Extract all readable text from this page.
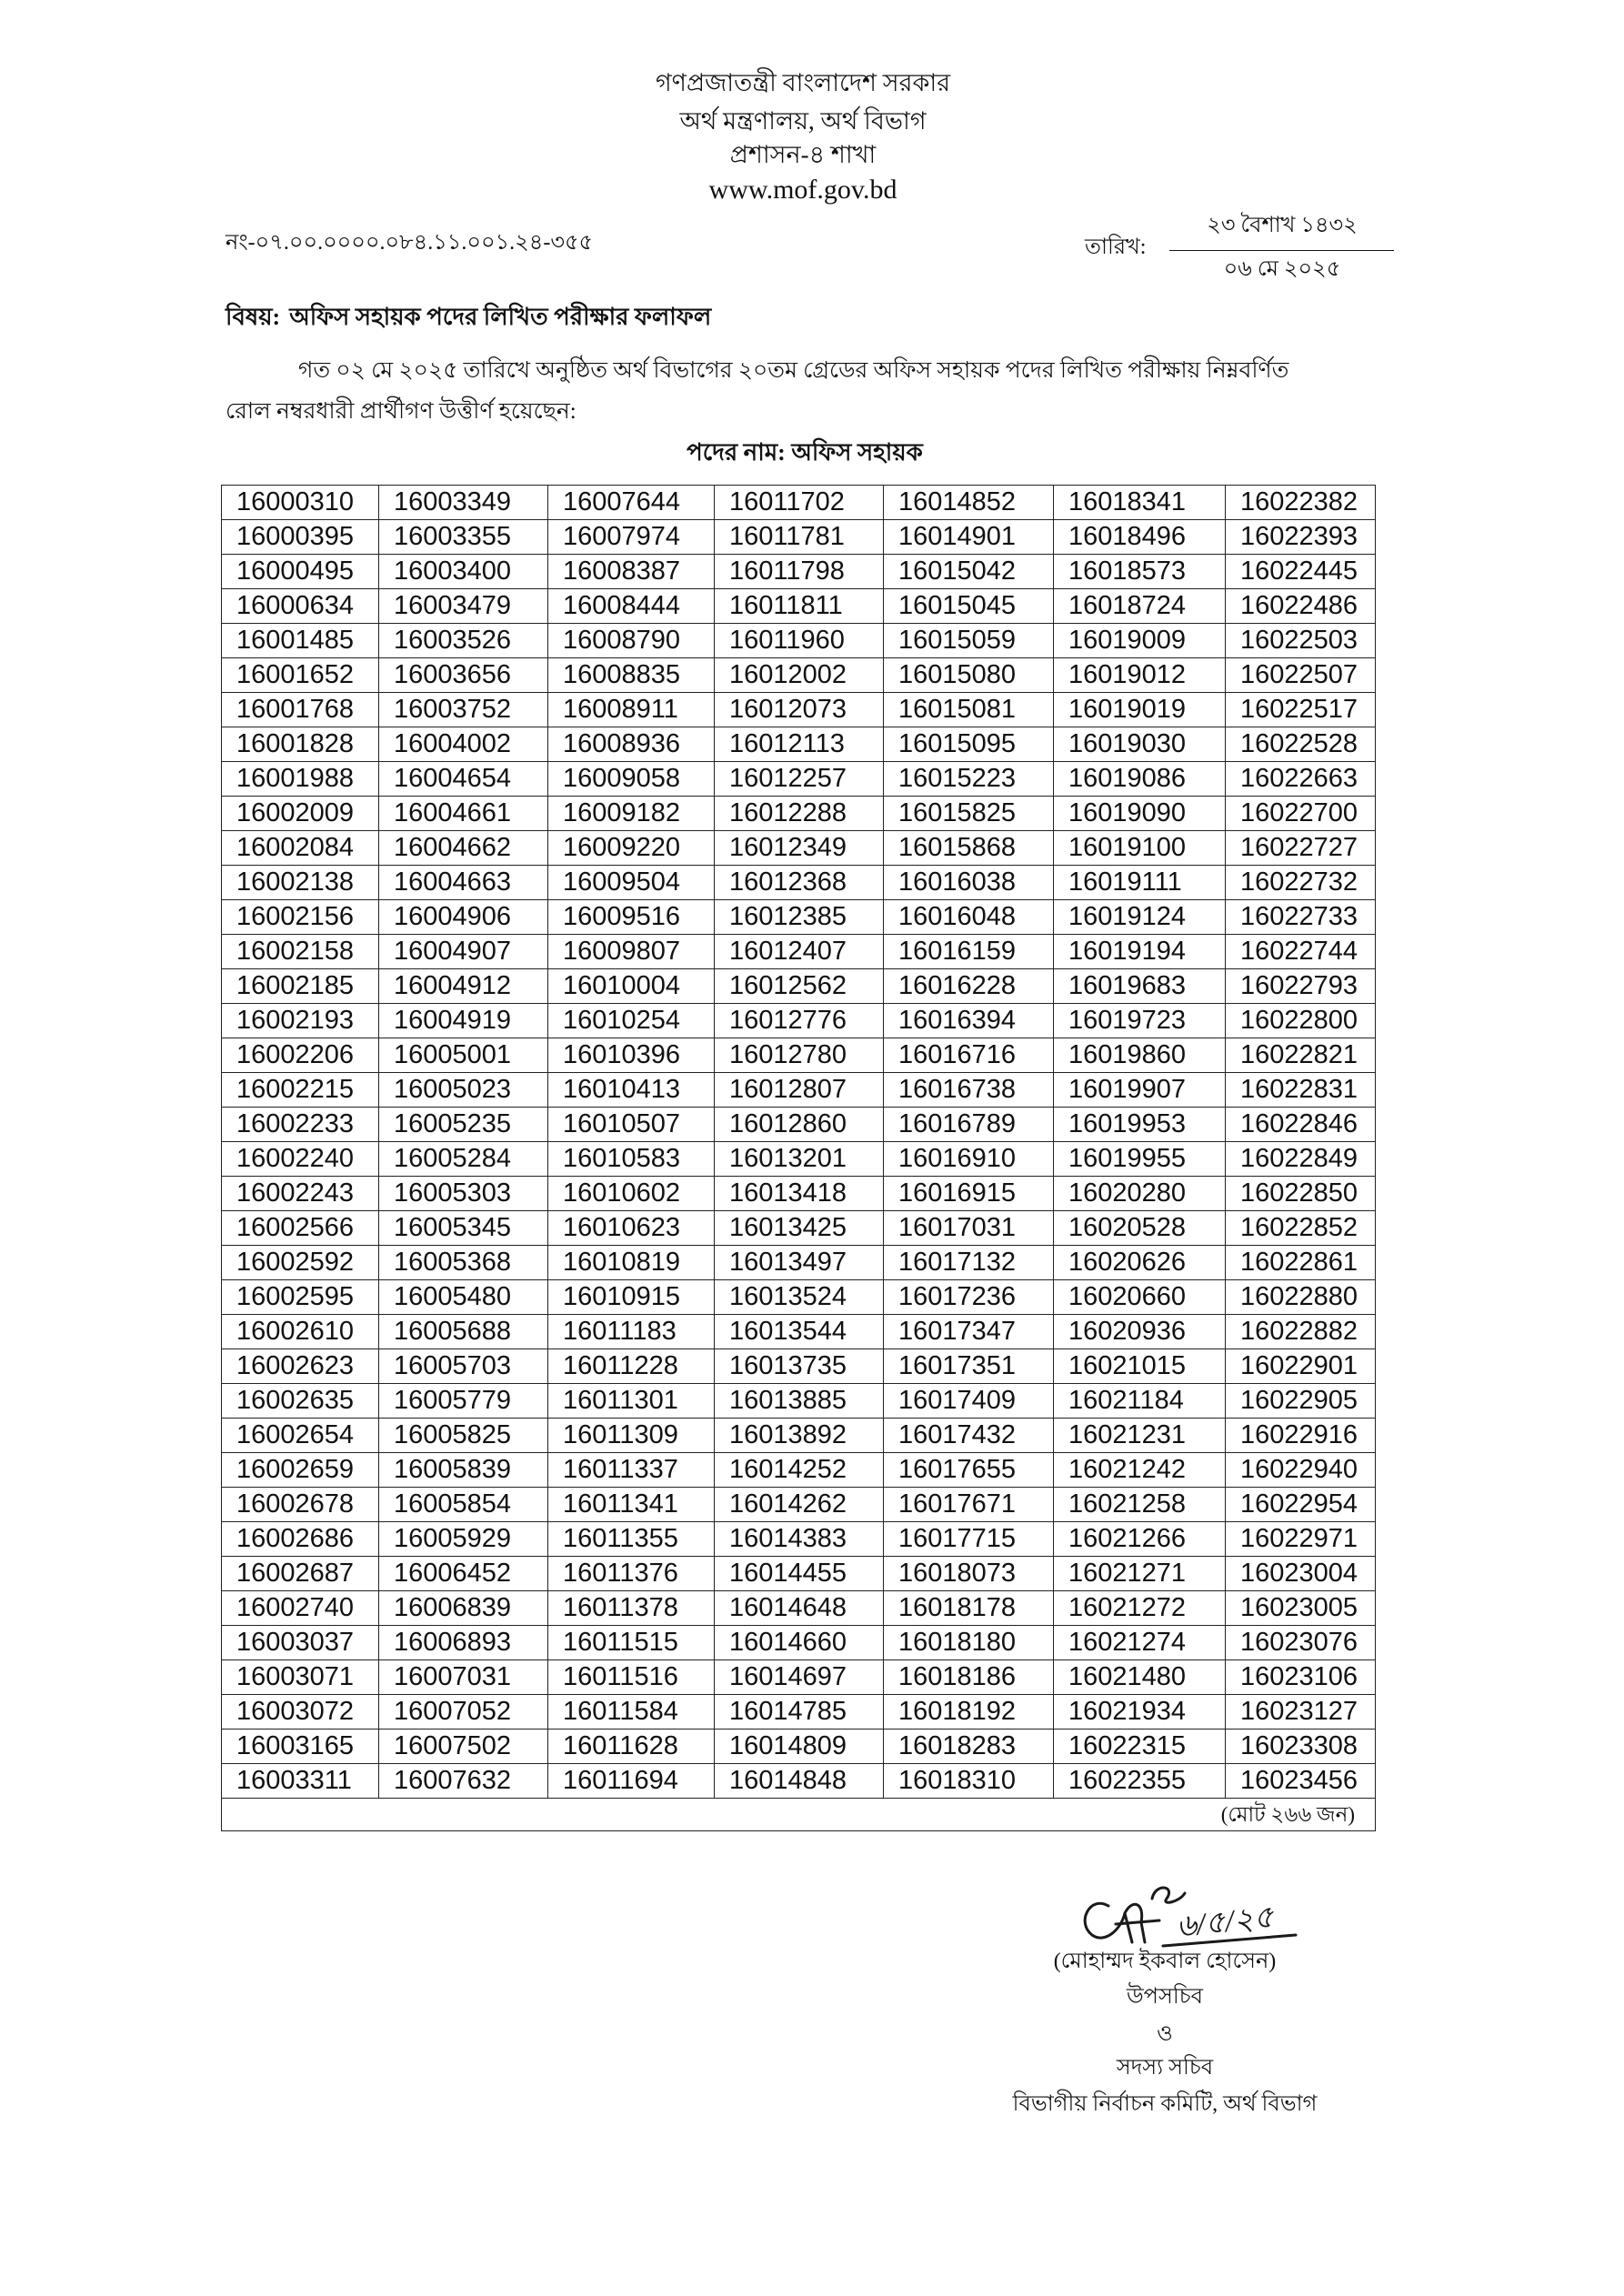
গণপ্রজাতন্ত্রী বাংলাদেশ সরকার
অর্থ মন্ত্রণালয়, অর্থ বিভাগ
প্রশাসন-৪ শাখা
www.mof.gov.bd
নং-০৭.০০.০০০০.০৮৪.১১.০০১.২৪-৩৫৫	তারিখ:
২৩ বৈশাখ ১৪৩২
০৬ মে ২০২৫
বিষয়: অফিস সহায়ক পদের লিখিত পরীক্ষার ফলাফল
গত ০২ মে ২০২৫ তারিখে অনুষ্ঠিত অর্থ বিভাগের ২০তম গ্রেডের অফিস সহায়ক পদের লিখিত পরীক্ষায় নিম্নবর্ণিত
রোল নম্বরধারী প্রার্থীগণ উত্তীর্ণ হয়েছেন:
পদের নাম: অফিস সহায়ক
16000310	16003349	16007644	16011702	16014852	16018341	16022382
16000395	16003355	16007974	16011781	16014901	16018496	16022393
16000495	16003400	16008387	16011798	16015042	16018573	16022445
16000634	16003479	16008444	16011811	16015045	16018724	16022486
16001485	16003526	16008790	16011960	16015059	16019009	16022503
16001652	16003656	16008835	16012002	16015080	16019012	16022507
16001768	16003752	16008911	16012073	16015081	16019019	16022517
16001828	16004002	16008936	16012113	16015095	16019030	16022528
16001988	16004654	16009058	16012257	16015223	16019086	16022663
16002009	16004661	16009182	16012288	16015825	16019090	16022700
16002084	16004662	16009220	16012349	16015868	16019100	16022727
16002138	16004663	16009504	16012368	16016038	16019111	16022732
16002156	16004906	16009516	16012385	16016048	16019124	16022733
16002158	16004907	16009807	16012407	16016159	16019194	16022744
16002185	16004912	16010004	16012562	16016228	16019683	16022793
16002193	16004919	16010254	16012776	16016394	16019723	16022800
16002206	16005001	16010396	16012780	16016716	16019860	16022821
16002215	16005023	16010413	16012807	16016738	16019907	16022831
16002233	16005235	16010507	16012860	16016789	16019953	16022846
16002240	16005284	16010583	16013201	16016910	16019955	16022849
16002243	16005303	16010602	16013418	16016915	16020280	16022850
16002566	16005345	16010623	16013425	16017031	16020528	16022852
16002592	16005368	16010819	16013497	16017132	16020626	16022861
16002595	16005480	16010915	16013524	16017236	16020660	16022880
16002610	16005688	16011183	16013544	16017347	16020936	16022882
16002623	16005703	16011228	16013735	16017351	16021015	16022901
16002635	16005779	16011301	16013885	16017409	16021184	16022905
16002654	16005825	16011309	16013892	16017432	16021231	16022916
16002659	16005839	16011337	16014252	16017655	16021242	16022940
16002678	16005854	16011341	16014262	16017671	16021258	16022954
16002686	16005929	16011355	16014383	16017715	16021266	16022971
16002687	16006452	16011376	16014455	16018073	16021271	16023004
16002740	16006839	16011378	16014648	16018178	16021272	16023005
16003037	16006893	16011515	16014660	16018180	16021274	16023076
16003071	16007031	16011516	16014697	16018186	16021480	16023106
16003072	16007052	16011584	16014785	16018192	16021934	16023127
16003165	16007502	16011628	16014809	16018283	16022315	16023308
16003311	16007632	16011694	16014848	16018310	16022355	16023456
(মোট ২৬৬ জন)						
৬/৫/২৫
(মোহাম্মদ ইকবাল হোসেন)
উপসচিব
ও
সদস্য সচিব
বিভাগীয় নির্বাচন কমিটি, অর্থ বিভাগ
